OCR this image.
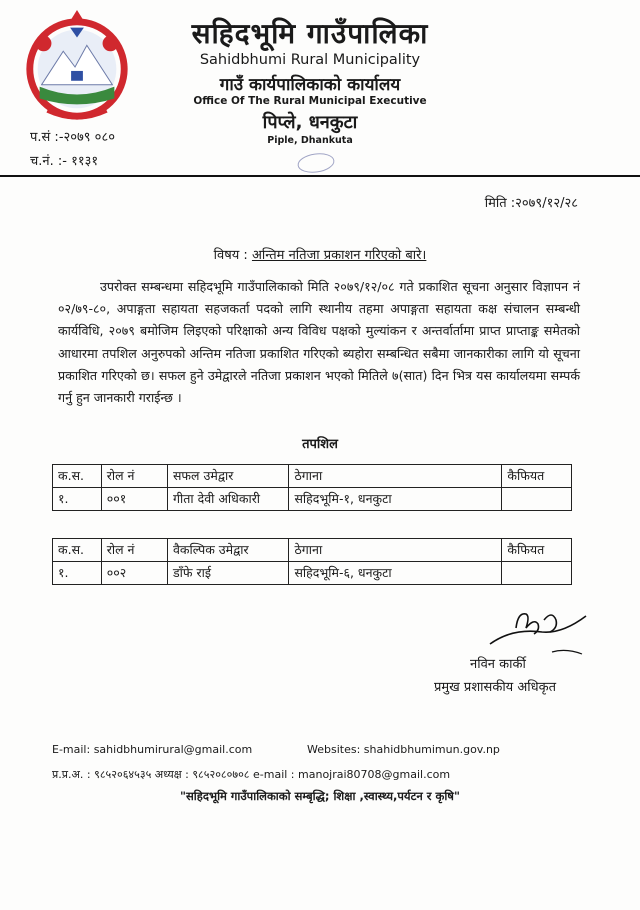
सहिदभूमि गाउँपालिका
Sahidbhumi Rural Municipality
गाउँ कार्यपालिकाको कार्यालय
Office Of The Rural Municipal Executive
पिप्ले, धनकुटा
Piple, Dhankuta
प.सं :-२०७९ ०८०
च.नं. :- ११३१
मिति :२०७९/१२/२८
विषय : अन्तिम नतिजा प्रकाशन गरिएको बारे।
उपरोक्त सम्बन्धमा सहिदभूमि गाउँपालिकाको मिति २०७९/१२/०८ गते प्रकाशित सूचना अनुसार विज्ञापन नं ०२/७९-८०, अपाङ्गता सहायता सहजकर्ता पदको लागि स्थानीय तहमा अपाङ्गता सहायता कक्ष संचालन सम्बन्धी कार्यविधि, २०७९ बमोजिम लिइएको परिक्षाको अन्य विविध पक्षको मुल्यांकन र अन्तर्वार्तामा प्राप्त प्राप्ताङ्क समेतको आधारमा तपशिल अनुरुपको अन्तिम नतिजा प्रकाशित गरिएको ब्यहोरा सम्बन्धित सबैमा जानकारीका लागि यो सूचना प्रकाशित गरिएको छ। सफल हुने उमेद्वारले नतिजा प्रकाशन भएको मितिले ७(सात) दिन भित्र यस कार्यालयमा सम्पर्क गर्नु हुन जानकारी गराईन्छ ।
तपशिल
क.स.	रोल नं	सफल उमेद्वार	ठेगाना	कैफियत
१.	००१	गीता देवी अधिकारी	सहिदभूमि-१, धनकुटा	
क.स.	रोल नं	वैकल्पिक उमेद्वार	ठेगाना	कैफियत
१.	००२	डाँफे राई	सहिदभूमि-६, धनकुटा	
नविन कार्की
प्रमुख प्रशासकीय अधिकृत
E-mail: sahidbhumirural@gmail.com	Websites: shahidbhumimun.gov.np
प्र.प्र.अ. : ९८५२०६४५३५ अध्यक्ष : ९८५२०८०७०८ e-mail : manojrai80708@gmail.com
"सहिदभूमि गाउँपालिकाको सम्बृद्धि; शिक्षा ,स्वास्थ्य,पर्यटन र कृषि"
